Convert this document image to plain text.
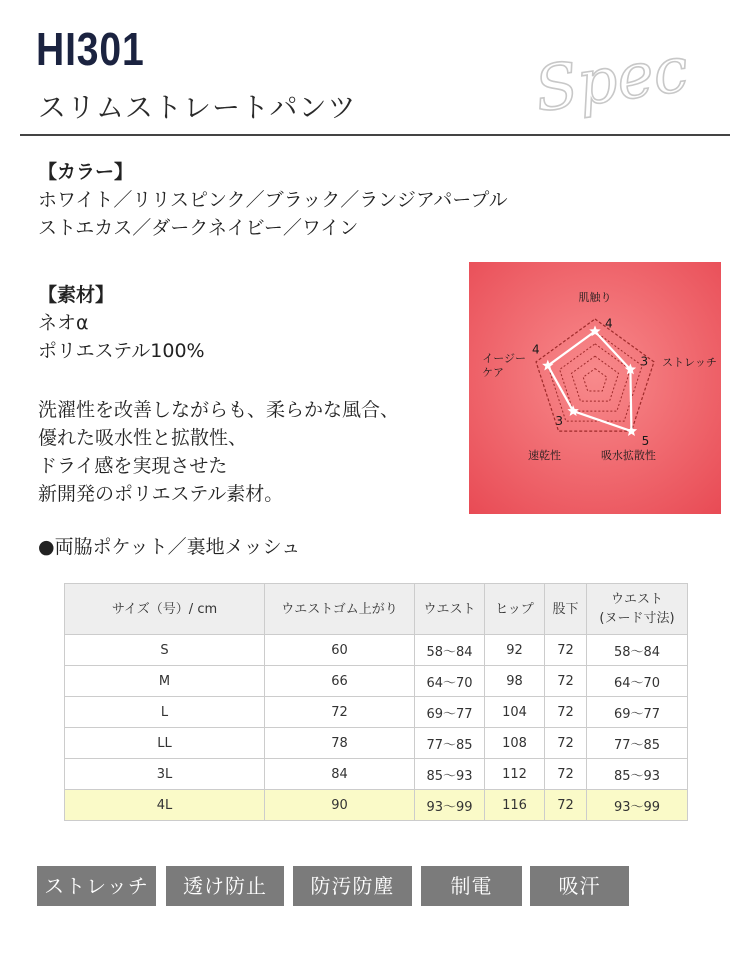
HI301
スリムストレートパンツ	Spec
【カラー】
ホワイト／リリスピンク／ブラック／ランジアパープル
ストエカス／ダークネイビー／ワイン
【素材】
ネオα
ポリエステル100%
洗濯性を改善しながらも、柔らかな風合、
優れた吸水性と拡散性、
ドライ感を実現させた
新開発のポリエステル素材。
●両脇ポケット／裏地メッシュ
4
3
5
3
4
肌触り
ストレッチ
吸水拡散性
速乾性
イージー
ケア
サイズ（号）/ cm	ウエストゴム上がり	ウエスト	ヒップ	股下	ウエスト
(ヌード寸法)

S	60	58〜84	92	72	58〜84
M	66	64〜70	98	72	64〜70
L	72	69〜77	104	72	69〜77
LL	78	77〜85	108	72	77〜85
3L	84	85〜93	112	72	85〜93
4L	90	93〜99	116	72	93〜99
ストレッチ	透け防止	防汚防塵	制電	吸汗
